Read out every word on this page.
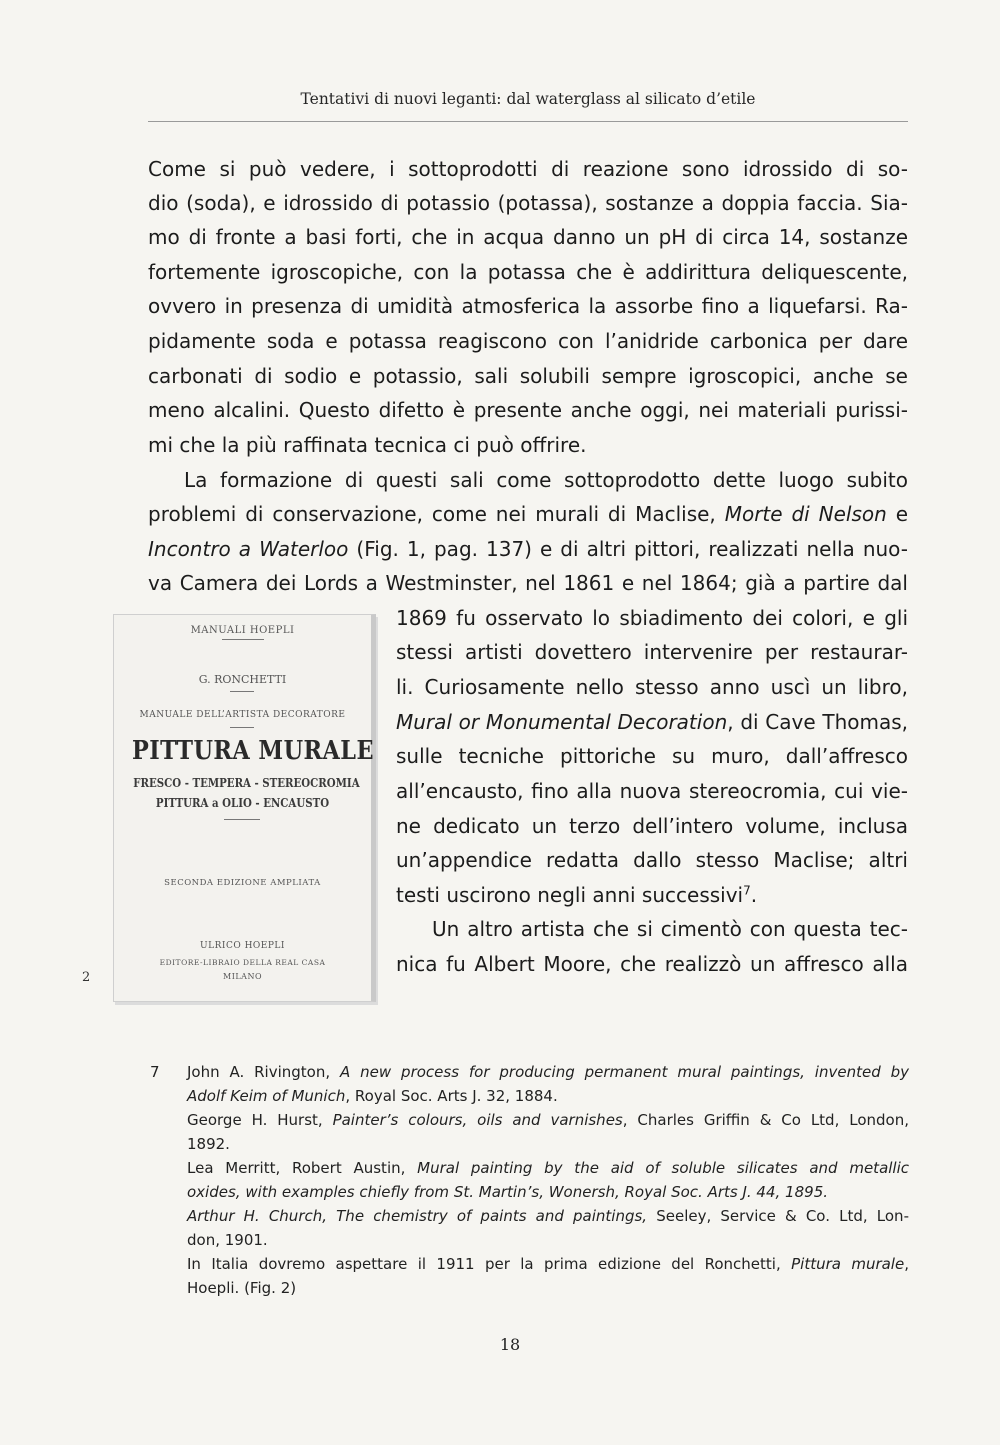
Tentativi di nuovi leganti: dal waterglass al silicato d’etile
Come si può vedere, i sottoprodotti di reazione sono idrossido di so-
dio (soda), e idrossido di potassio (potassa), sostanze a doppia faccia. Sia-
mo di fronte a basi forti, che in acqua danno un pH di circa 14, sostanze
fortemente igroscopiche, con la potassa che è addirittura deliquescente,
ovvero in presenza di umidità atmosferica la assorbe fino a liquefarsi. Ra-
pidamente soda e potassa reagiscono con l’anidride carbonica per dare
carbonati di sodio e potassio, sali solubili sempre igroscopici, anche se
meno alcalini. Questo difetto è presente anche oggi, nei materiali purissi-
mi che la più raffinata tecnica ci può offrire.
La formazione di questi sali come sottoprodotto dette luogo subito
problemi di conservazione, come nei murali di Maclise, Morte di Nelson e
Incontro a Waterloo (Fig. 1, pag. 137) e di altri pittori, realizzati nella nuo-
va Camera dei Lords a Westminster, nel 1861 e nel 1864; già a partire dal
1869 fu osservato lo sbiadimento dei colori, e gli
stessi artisti dovettero intervenire per restaurar-
li. Curiosamente nello stesso anno uscì un libro,
Mural or Monumental Decoration, di Cave Thomas,
sulle tecniche pittoriche su muro, dall’affresco
all’encausto, fino alla nuova stereocromia, cui vie-
ne dedicato un terzo dell’intero volume, inclusa
un’appendice redatta dallo stesso Maclise; altri
testi uscirono negli anni successivi$^7$.
Un altro artista che si cimentò con questa tec-
nica fu Albert Moore, che realizzò un affresco alla
2
MANUALI HOEPLI
G. RONCHETTI
MANUALE DELL’ARTISTA DECORATORE
PITTURA MURALE
FRESCO - TEMPERA - STEREOCROMIA
PITTURA a OLIO - ENCAUSTO
SECONDA EDIZIONE AMPLIATA
ULRICO HOEPLI
EDITORE-LIBRAIO DELLA REAL CASA
MILANO
7 John A. Rivington, A new process for producing permanent mural paintings, invented by
Adolf Keim of Munich, Royal Soc. Arts J. 32, 1884.
George H. Hurst, Painter’s colours, oils and varnishes, Charles Griffin & Co Ltd, London,
1892.
Lea Merritt, Robert Austin, Mural painting by the aid of soluble silicates and metallic
oxides, with examples chiefly from St. Martin’s, Wonersh, Royal Soc. Arts J. 44, 1895.
Arthur H. Church, The chemistry of paints and paintings, Seeley, Service & Co. Ltd, Lon-
don, 1901.
In Italia dovremo aspettare il 1911 per la prima edizione del Ronchetti, Pittura murale,
Hoepli. (Fig. 2)
18
